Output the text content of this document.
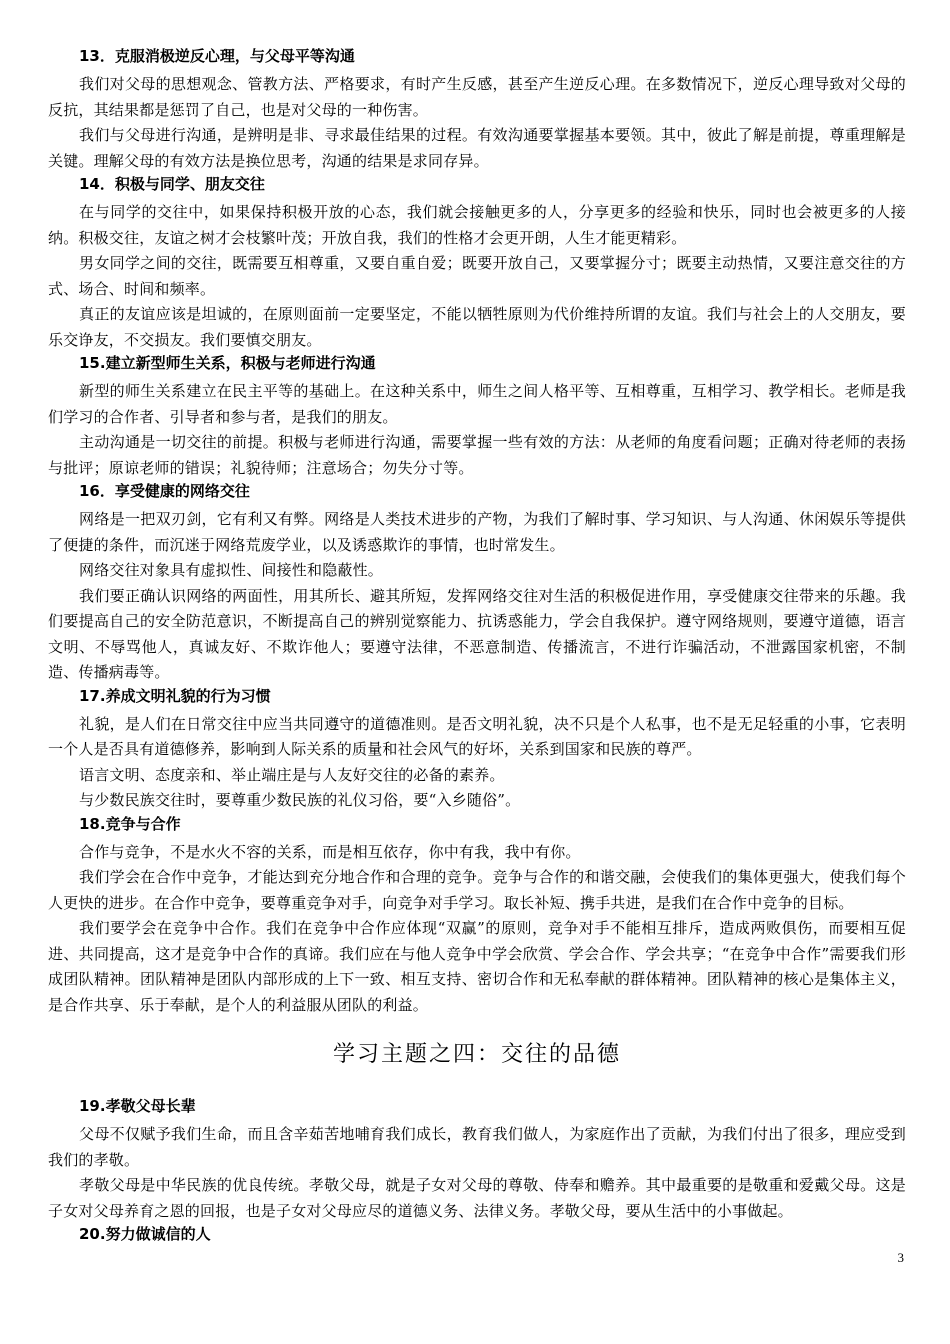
13．克服消极逆反心理，与父母平等沟通
我们对父母的思想观念、管教方法、严格要求，有时产生反感，甚至产生逆反心理。在多数情况下，逆反心理导致对父母的反抗，其结果都是惩罚了自己，也是对父母的一种伤害。
我们与父母进行沟通，是辨明是非、寻求最佳结果的过程。有效沟通要掌握基本要领。其中，彼此了解是前提，尊重理解是关键。理解父母的有效方法是换位思考，沟通的结果是求同存异。
14．积极与同学、朋友交往
在与同学的交往中，如果保持积极开放的心态，我们就会接触更多的人，分享更多的经验和快乐，同时也会被更多的人接纳。积极交往，友谊之树才会枝繁叶茂；开放自我，我们的性格才会更开朗，人生才能更精彩。
男女同学之间的交往，既需要互相尊重，又要自重自爱；既要开放自己，又要掌握分寸；既要主动热情，又要注意交往的方式、场合、时间和频率。
真正的友谊应该是坦诚的，在原则面前一定要坚定，不能以牺牲原则为代价维持所谓的友谊。我们与社会上的人交朋友，要乐交诤友，不交损友。我们要慎交朋友。
15.建立新型师生关系，积极与老师进行沟通
新型的师生关系建立在民主平等的基础上。在这种关系中，师生之间人格平等、互相尊重，互相学习、教学相长。老师是我们学习的合作者、引导者和参与者，是我们的朋友。
主动沟通是一切交往的前提。积极与老师进行沟通，需要掌握一些有效的方法：从老师的角度看问题；正确对待老师的表扬与批评；原谅老师的错误；礼貌待师；注意场合；勿失分寸等。
16．享受健康的网络交往
网络是一把双刃剑，它有利又有弊。网络是人类技术进步的产物，为我们了解时事、学习知识、与人沟通、休闲娱乐等提供了便捷的条件，而沉迷于网络荒废学业，以及诱惑欺诈的事情，也时常发生。
网络交往对象具有虚拟性、间接性和隐蔽性。
我们要正确认识网络的两面性，用其所长、避其所短，发挥网络交往对生活的积极促进作用，享受健康交往带来的乐趣。我们要提高自己的安全防范意识，不断提高自己的辨别觉察能力、抗诱惑能力，学会自我保护。遵守网络规则，要遵守道德，语言文明、不辱骂他人，真诚友好、不欺诈他人；要遵守法律，不恶意制造、传播流言，不进行诈骗活动，不泄露国家机密，不制造、传播病毒等。
17.养成文明礼貌的行为习惯
礼貌，是人们在日常交往中应当共同遵守的道德准则。是否文明礼貌，决不只是个人私事，也不是无足轻重的小事，它表明一个人是否具有道德修养，影响到人际关系的质量和社会风气的好坏，关系到国家和民族的尊严。
语言文明、态度亲和、举止端庄是与人友好交往的必备的素养。
与少数民族交往时，要尊重少数民族的礼仪习俗，要“入乡随俗”。
18.竞争与合作
合作与竞争，不是水火不容的关系，而是相互依存，你中有我，我中有你。
我们学会在合作中竞争，才能达到充分地合作和合理的竞争。竞争与合作的和谐交融，会使我们的集体更强大，使我们每个人更快的进步。在合作中竞争，要尊重竞争对手，向竞争对手学习。取长补短、携手共进，是我们在合作中竞争的目标。
我们要学会在竞争中合作。我们在竞争中合作应体现“双赢”的原则，竞争对手不能相互排斥，造成两败俱伤，而要相互促进、共同提高，这才是竞争中合作的真谛。我们应在与他人竞争中学会欣赏、学会合作、学会共享；“在竞争中合作”需要我们形成团队精神。团队精神是团队内部形成的上下一致、相互支持、密切合作和无私奉献的群体精神。团队精神的核心是集体主义，是合作共享、乐于奉献，是个人的利益服从团队的利益。
学习主题之四：交往的品德
19.孝敬父母长辈
父母不仅赋予我们生命，而且含辛茹苦地哺育我们成长，教育我们做人，为家庭作出了贡献，为我们付出了很多，理应受到我们的孝敬。
孝敬父母是中华民族的优良传统。孝敬父母，就是子女对父母的尊敬、侍奉和赡养。其中最重要的是敬重和爱戴父母。这是子女对父母养育之恩的回报，也是子女对父母应尽的道德义务、法律义务。孝敬父母，要从生活中的小事做起。
20.努力做诚信的人
3
